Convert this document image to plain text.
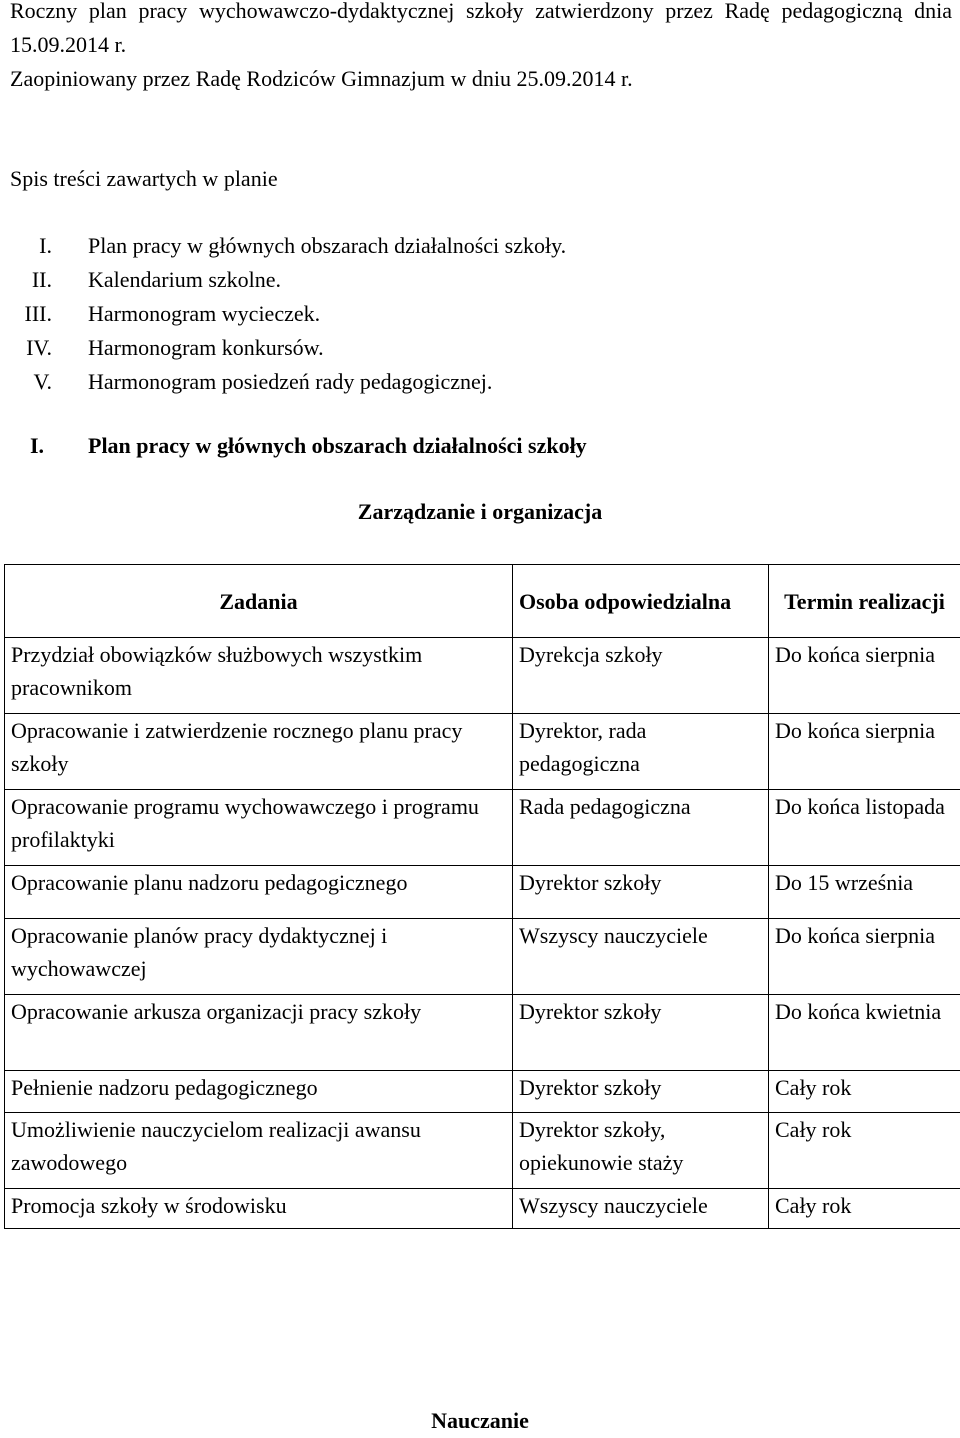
Roczny plan pracy wychowawczo-dydaktycznej szkoły zatwierdzony przez Radę pedagogiczną dnia 15.09.2014 r.
Zaopiniowany przez Radę Rodziców Gimnazjum w dniu 25.09.2014 r.

Spis treści zawartych w planie
I. Plan pracy w głównych obszarach działalności szkoły.
II. Kalendarium szkolne.
III. Harmonogram wycieczek.
IV. Harmonogram konkursów.
V. Harmonogram posiedzeń rady pedagogicznej.
I. Plan pracy w głównych obszarach działalności szkoły
Zarządzanie i organizacja
Zadania	Osoba odpowiedzialna	Termin realizacji
Przydział obowiązków służbowych wszystkim pracownikom	Dyrekcja szkoły	Do końca sierpnia
Opracowanie i zatwierdzenie rocznego planu pracy szkoły	Dyrektor, rada pedagogiczna	Do końca sierpnia
Opracowanie programu wychowawczego i programu profilaktyki	Rada pedagogiczna	Do końca listopada
Opracowanie planu nadzoru pedagogicznego	Dyrektor szkoły	Do 15 września
Opracowanie planów pracy dydaktycznej i wychowawczej	Wszyscy nauczyciele	Do końca sierpnia
Opracowanie arkusza organizacji pracy szkoły	Dyrektor szkoły	Do końca kwietnia
Pełnienie nadzoru pedagogicznego	Dyrektor szkoły	Cały rok
Umożliwienie nauczycielom realizacji awansu zawodowego	Dyrektor szkoły, opiekunowie staży	Cały rok
Promocja szkoły w środowisku	Wszyscy nauczyciele	Cały rok
Nauczanie
